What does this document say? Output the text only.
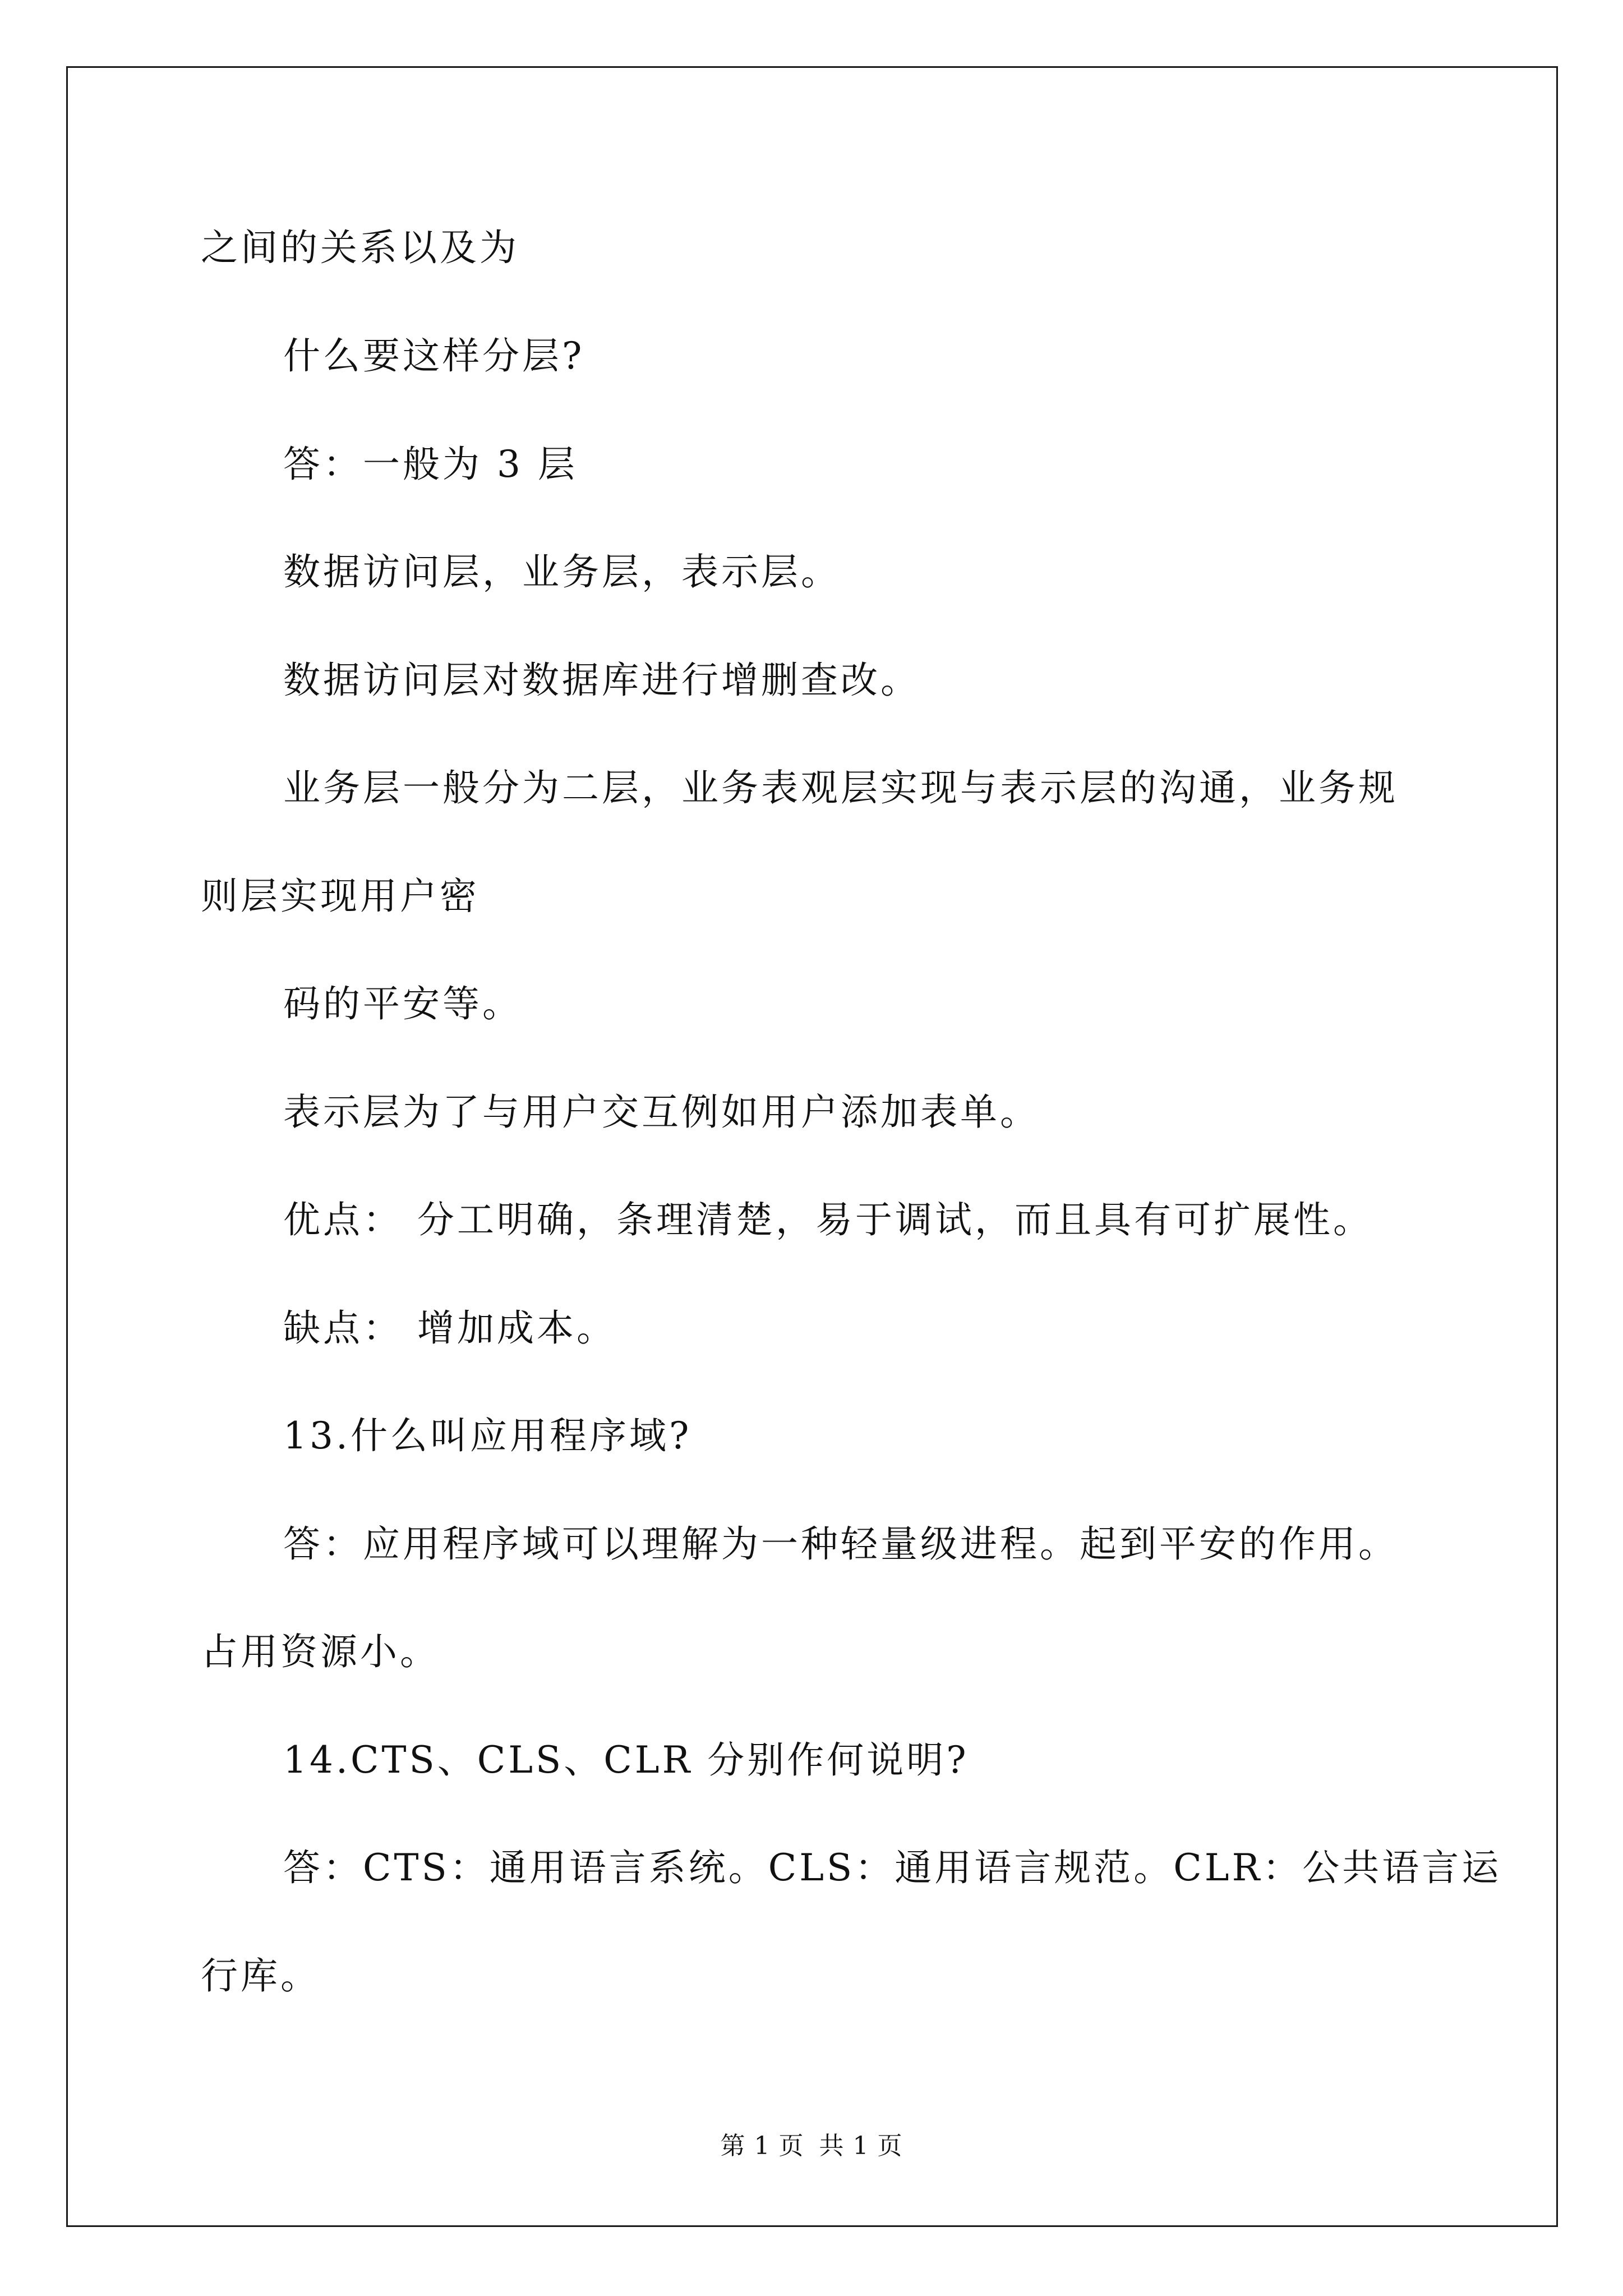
之间的关系以及为
什么要这样分层?
答：一般为 3 层
数据访问层，业务层，表示层。
数据访问层对数据库进行增删查改。
业务层一般分为二层，业务表观层实现与表示层的沟通，业务规
则层实现用户密
码的平安等。
表示层为了与用户交互例如用户添加表单。
优点： 分工明确，条理清楚，易于调试，而且具有可扩展性。
缺点： 增加成本。
13.什么叫应用程序域?
答：应用程序域可以理解为一种轻量级进程。起到平安的作用。
占用资源小。
14.CTS、CLS、CLR 分别作何说明?
答：CTS：通用语言系统。CLS：通用语言规范。CLR：公共语言运
行库。
第 1 页 共 1 页
